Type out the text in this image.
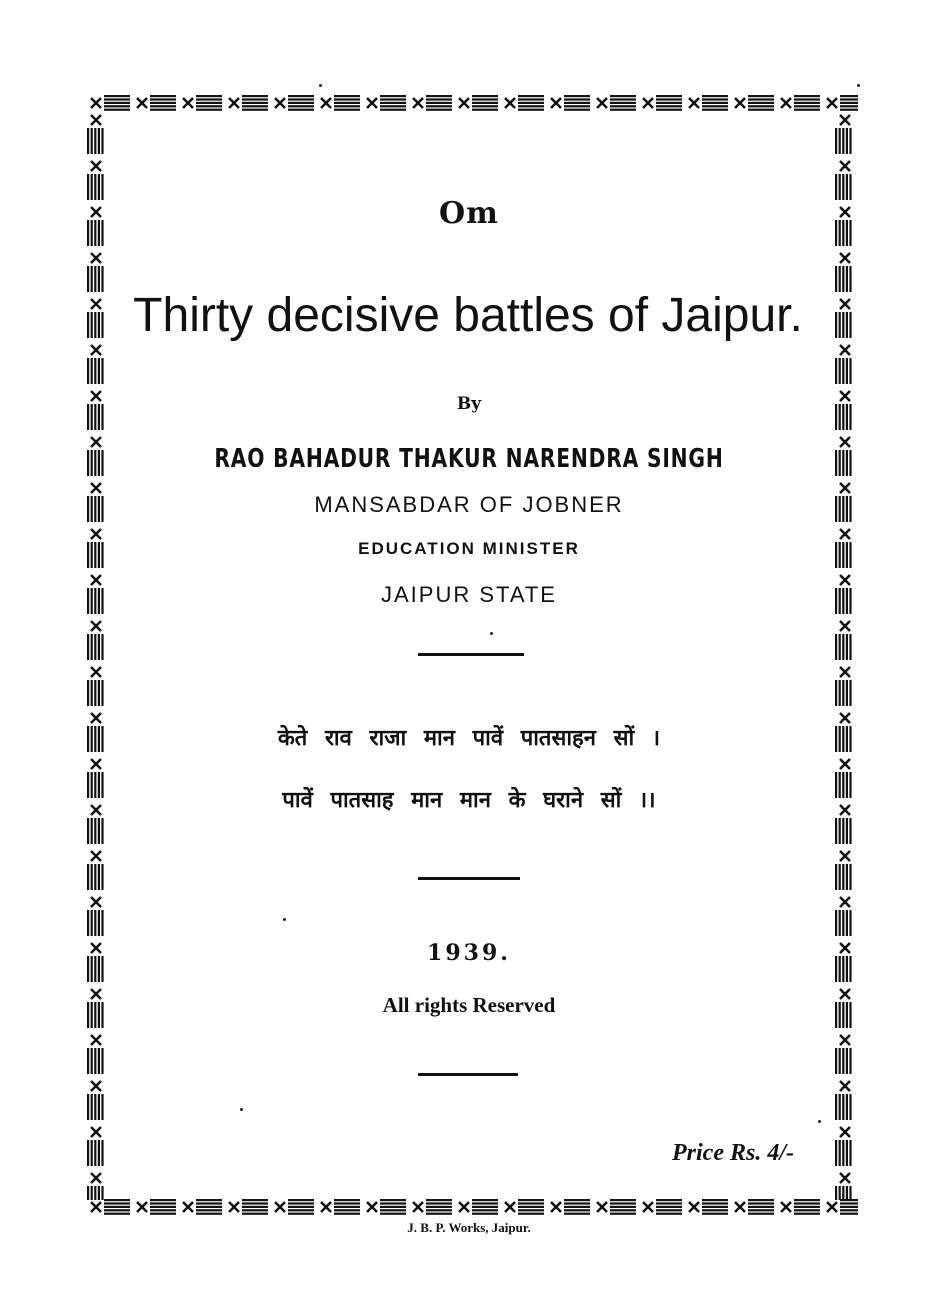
Om
Thirty decisive battles of Jaipur.
By
RAO BAHADUR THAKUR NARENDRA SINGH
MANSABDAR OF JOBNER
EDUCATION MINISTER
JAIPUR STATE
केते राव राजा मान पावें पातसाहन सों ।
पावें पातसाह मान मान के घराने सों ।।
1939.
All rights Reserved
Price Rs. 4/-
J. B. P. Works, Jaipur.
